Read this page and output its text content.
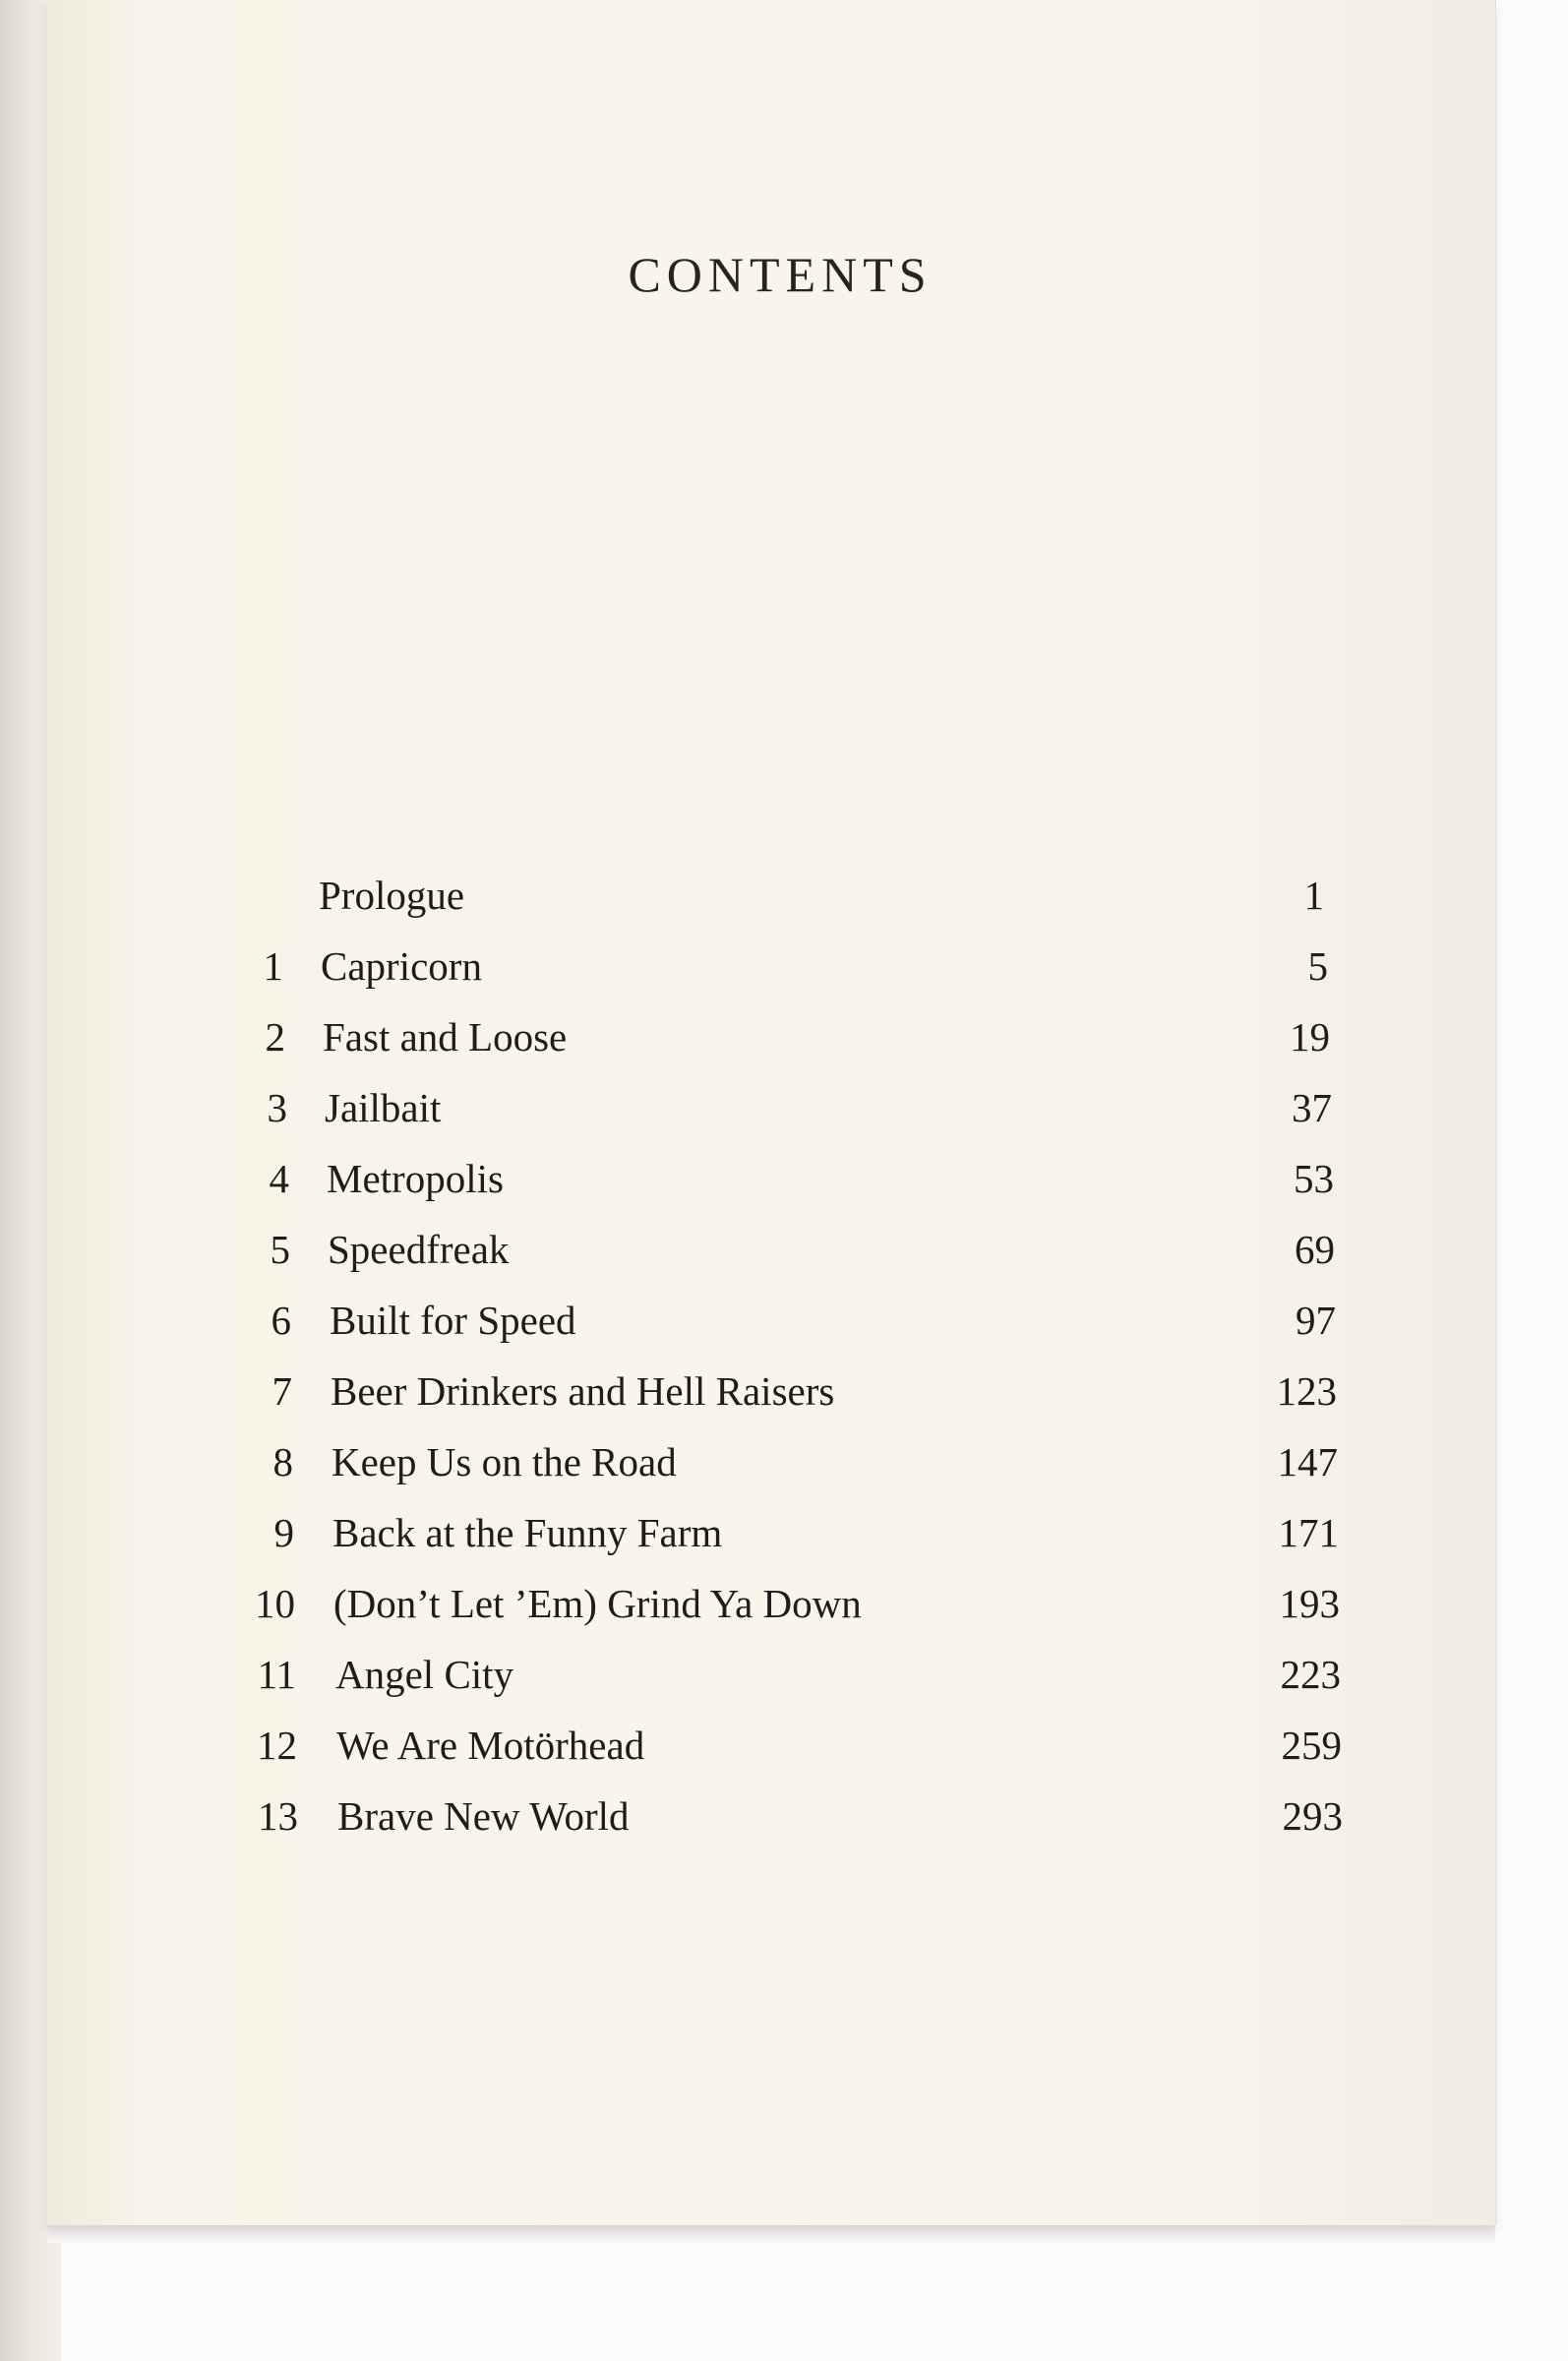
CONTENTS
Prologue	1
1 Capricorn	5
2 Fast and Loose	19
3 Jailbait	37
4 Metropolis	53
5 Speedfreak	69
6 Built for Speed	97
7 Beer Drinkers and Hell Raisers	123
8 Keep Us on the Road	147
9 Back at the Funny Farm	171
10 (Don’t Let ’Em) Grind Ya Down	193
11 Angel City	223
12 We Are Motörhead	259
13 Brave New World	293
